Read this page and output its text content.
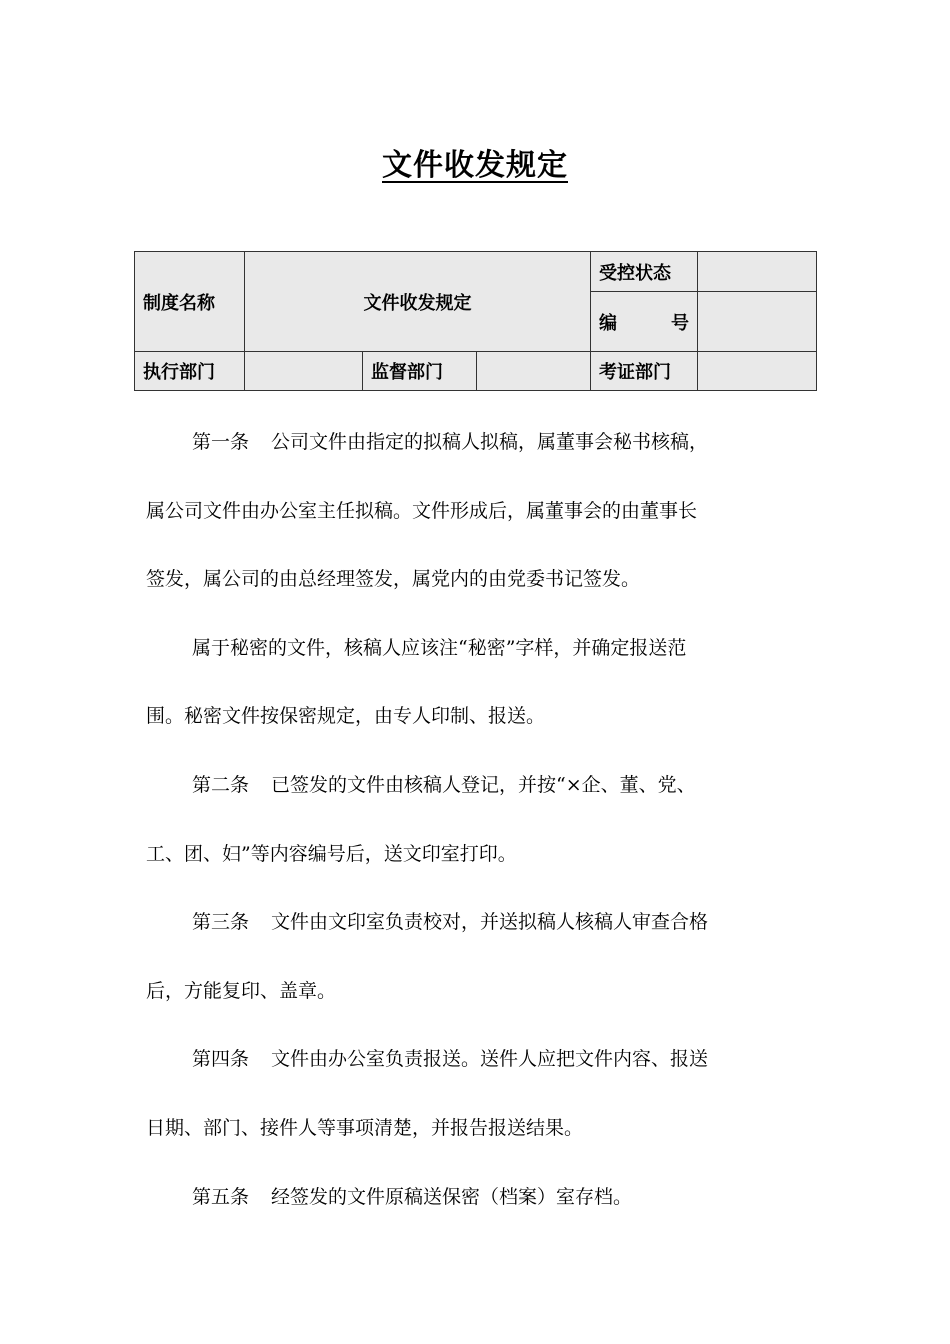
文件收发规定
制度名称	文件收发规定			受控状态	
				编号	
执行部门		监督部门		考证部门	
第一条 公司文件由指定的拟稿人拟稿，属董事会秘书核稿，
属公司文件由办公室主任拟稿。文件形成后，属董事会的由董事长
签发，属公司的由总经理签发，属党内的由党委书记签发。
属于秘密的文件，核稿人应该注“秘密”字样，并确定报送范
围。秘密文件按保密规定，由专人印制、报送。
第二条 已签发的文件由核稿人登记，并按“×企、董、党、
工、团、妇”等内容编号后，送文印室打印。
第三条 文件由文印室负责校对，并送拟稿人核稿人审查合格
后，方能复印、盖章。
第四条 文件由办公室负责报送。送件人应把文件内容、报送
日期、部门、接件人等事项清楚，并报告报送结果。
第五条 经签发的文件原稿送保密（档案）室存档。
